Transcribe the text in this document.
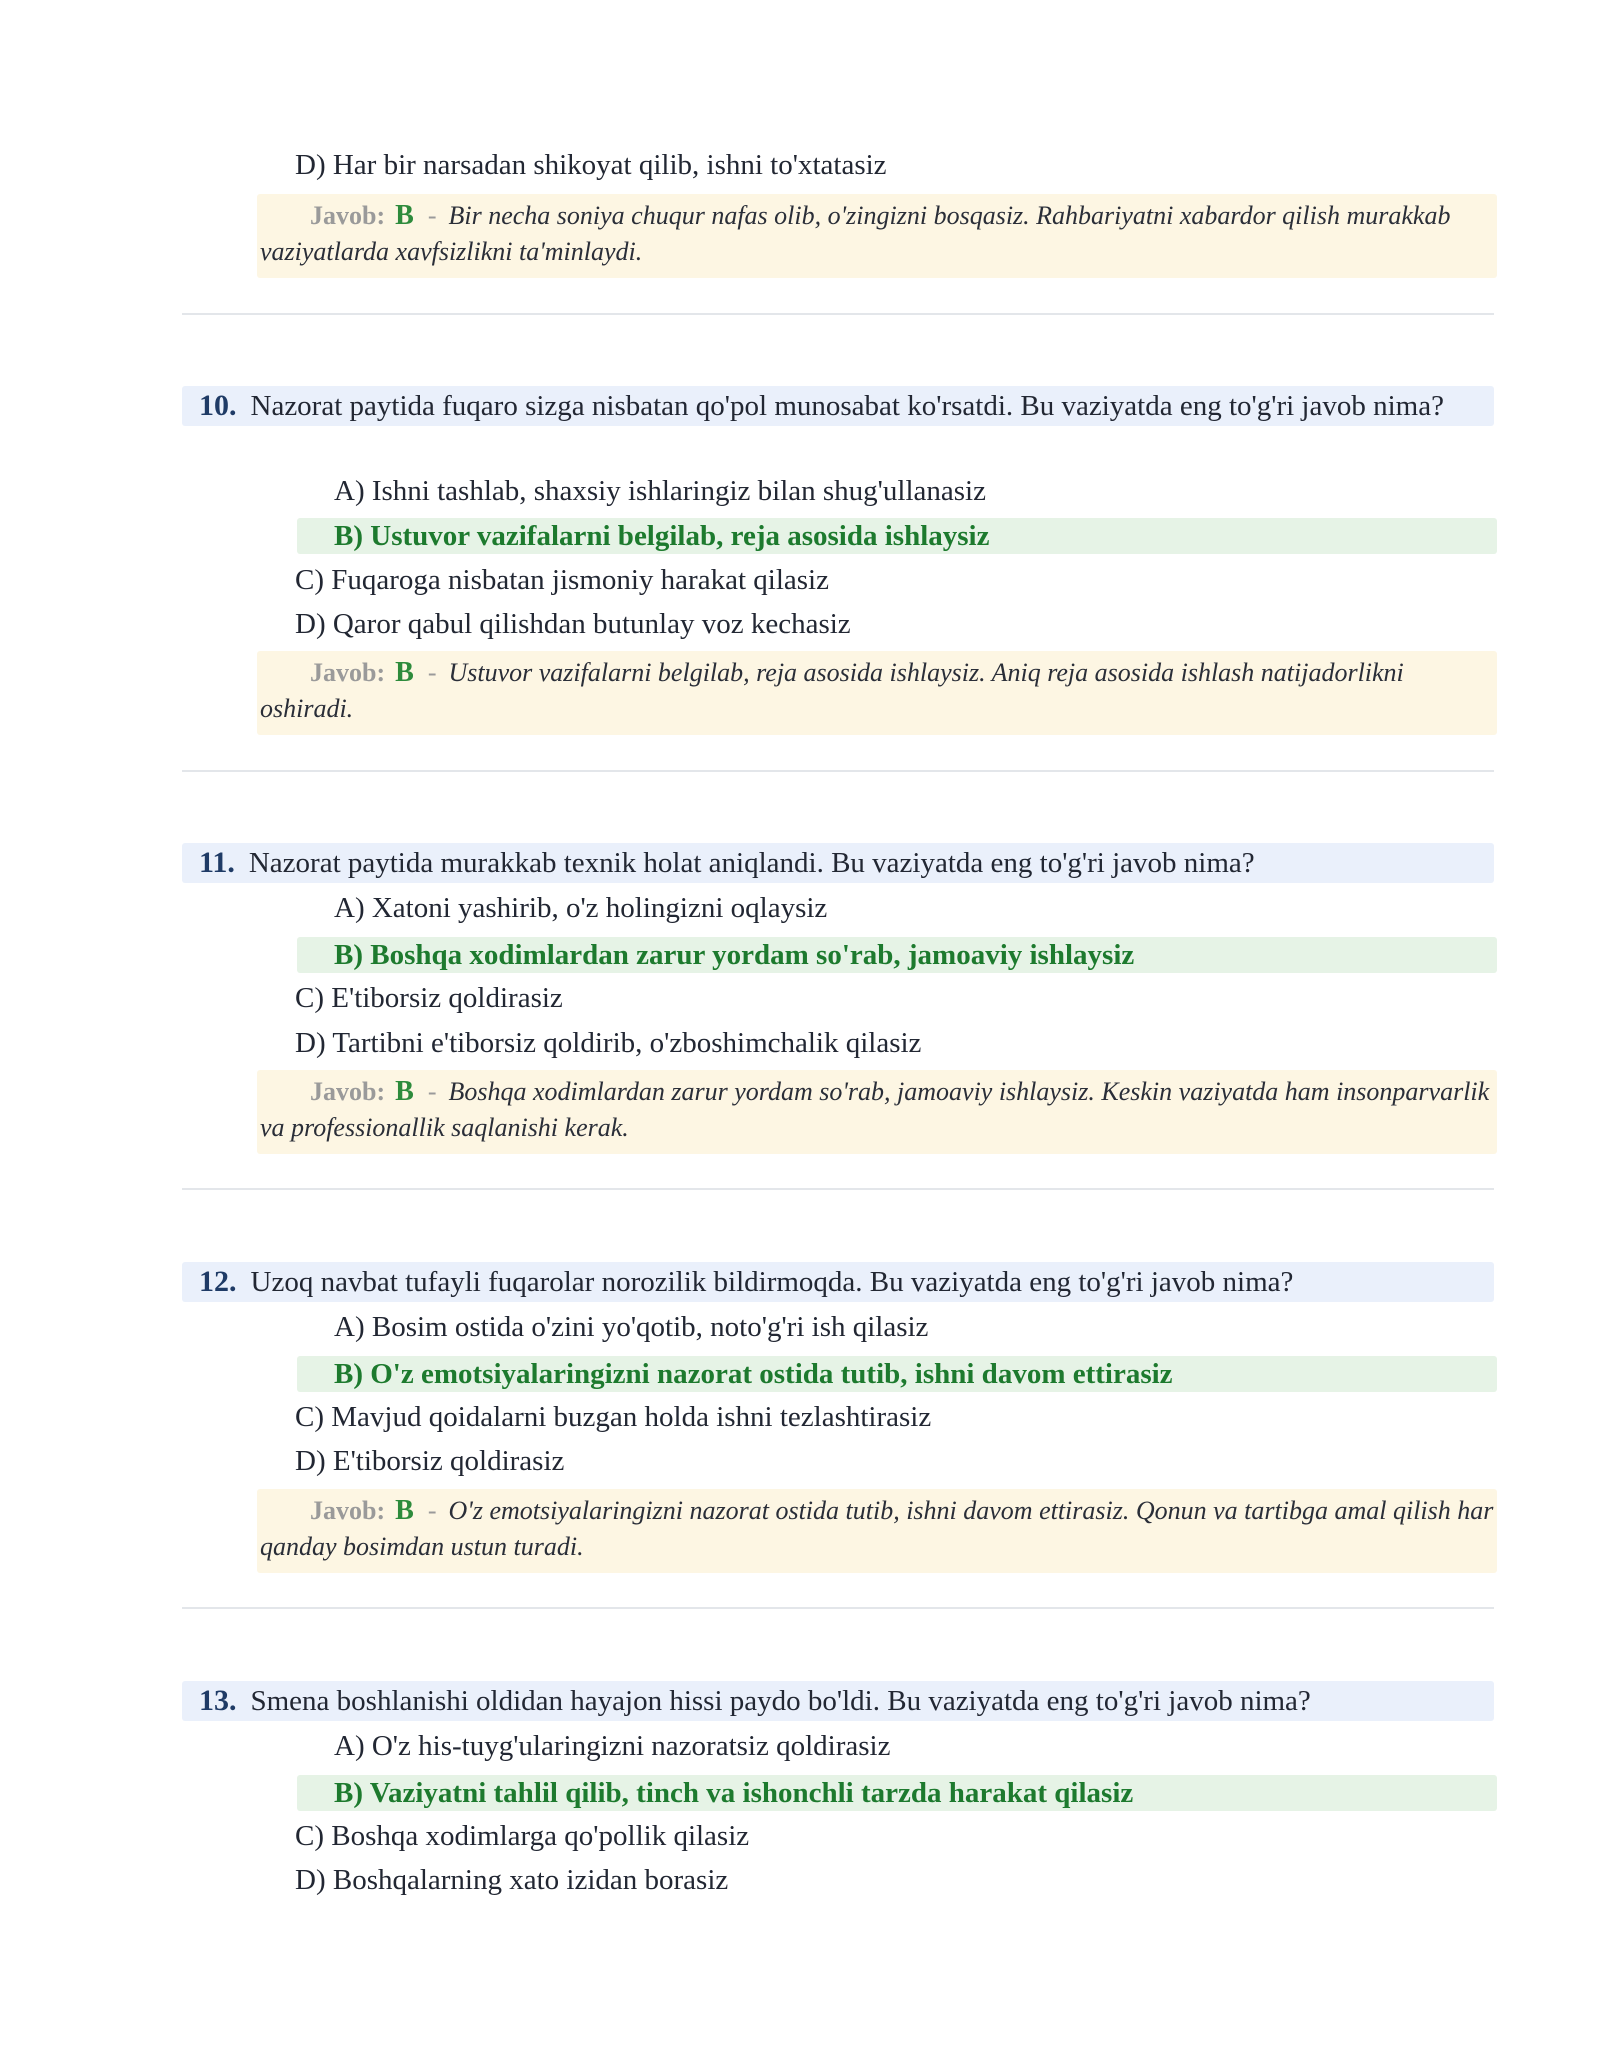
D) Har bir narsadan shikoyat qilib, ishni to'xtatasiz
Javob: B - Bir necha soniya chuqur nafas olib, o'zingizni bosqasiz. Rahbariyatni xabardor qilish murakkab vaziyatlarda xavfsizlikni ta'minlaydi.
10. Nazorat paytida fuqaro sizga nisbatan qo'pol munosabat ko'rsatdi. Bu vaziyatda eng to'g'ri javob nima?
A) Ishni tashlab, shaxsiy ishlaringiz bilan shug'ullanasiz
B) Ustuvor vazifalarni belgilab, reja asosida ishlaysiz
C) Fuqaroga nisbatan jismoniy harakat qilasiz
D) Qaror qabul qilishdan butunlay voz kechasiz
Javob: B - Ustuvor vazifalarni belgilab, reja asosida ishlaysiz. Aniq reja asosida ishlash natijadorlikni oshiradi.
11. Nazorat paytida murakkab texnik holat aniqlandi. Bu vaziyatda eng to'g'ri javob nima?
A) Xatoni yashirib, o'z holingizni oqlaysiz
B) Boshqa xodimlardan zarur yordam so'rab, jamoaviy ishlaysiz
C) E'tiborsiz qoldirasiz
D) Tartibni e'tiborsiz qoldirib, o'zboshimchalik qilasiz
Javob: B - Boshqa xodimlardan zarur yordam so'rab, jamoaviy ishlaysiz. Keskin vaziyatda ham insonparvarlik va professionallik saqlanishi kerak.
12. Uzoq navbat tufayli fuqarolar norozilik bildirmoqda. Bu vaziyatda eng to'g'ri javob nima?
A) Bosim ostida o'zini yo'qotib, noto'g'ri ish qilasiz
B) O'z emotsiyalaringizni nazorat ostida tutib, ishni davom ettirasiz
C) Mavjud qoidalarni buzgan holda ishni tezlashtirasiz
D) E'tiborsiz qoldirasiz
Javob: B - O'z emotsiyalaringizni nazorat ostida tutib, ishni davom ettirasiz. Qonun va tartibga amal qilish har qanday bosimdan ustun turadi.
13. Smena boshlanishi oldidan hayajon hissi paydo bo'ldi. Bu vaziyatda eng to'g'ri javob nima?
A) O'z his-tuyg'ularingizni nazoratsiz qoldirasiz
B) Vaziyatni tahlil qilib, tinch va ishonchli tarzda harakat qilasiz
C) Boshqa xodimlarga qo'pollik qilasiz
D) Boshqalarning xato izidan borasiz
